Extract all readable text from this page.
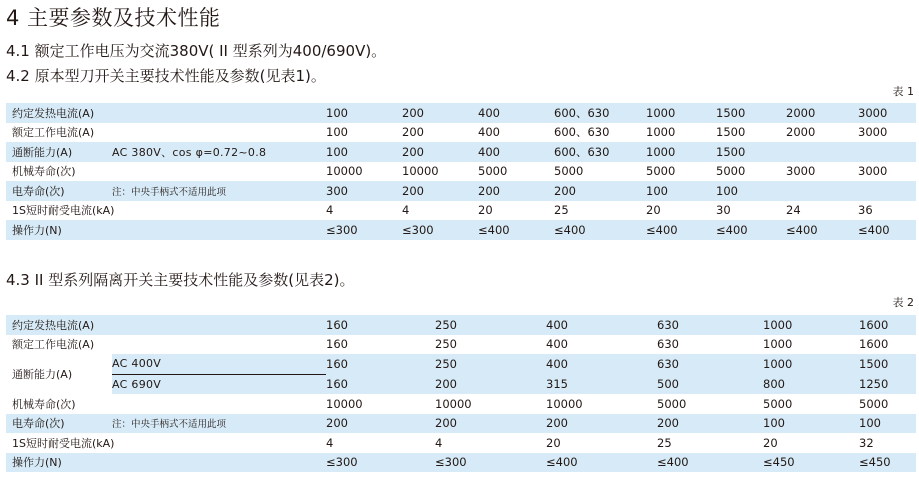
4 主要参数及技术性能
4.1 额定工作电压为交流380V( II 型系列为400/690V)。
4.2 原本型刀开关主要技术性能及参数(见表1)。
表 1
约定发热电流(A)		100	200	400	600、630	1000	1500	2000	3000
额定工作电流(A)		100	200	400	600、630	1000	1500	2000	3000
通断能力(A)	AC 380V、cos φ=0.72~0.8	100	200	400	600、630	1000	1500		
机械寿命(次)		10000	10000	5000	5000	5000	5000	3000	3000
电寿命(次)	注：中央手柄式不适用此项	300	200	200	200	100	100		
1S短时耐受电流(kA)		4	4	20	25	20	30	24	36
操作力(N)		≤300	≤300	≤400	≤400	≤400	≤400	≤400	≤400
4.3 II 型系列隔离开关主要技术性能及参数(见表2)。
表 2
约定发热电流(A)		160	250	400	630	1000	1600
额定工作电流(A)		160	250	400	630	1000	1600
通断能力(A)	AC 400V	160	250	400	630	1000	1500
	AC 690V	160	200	315	500	800	1250
机械寿命(次)		10000	10000	10000	5000	5000	5000
电寿命(次)	注：中央手柄式不适用此项	200	200	200	200	100	100
1S短时耐受电流(kA)		4	4	20	25	20	32
操作力(N)		≤300	≤300	≤400	≤400	≤450	≤450
